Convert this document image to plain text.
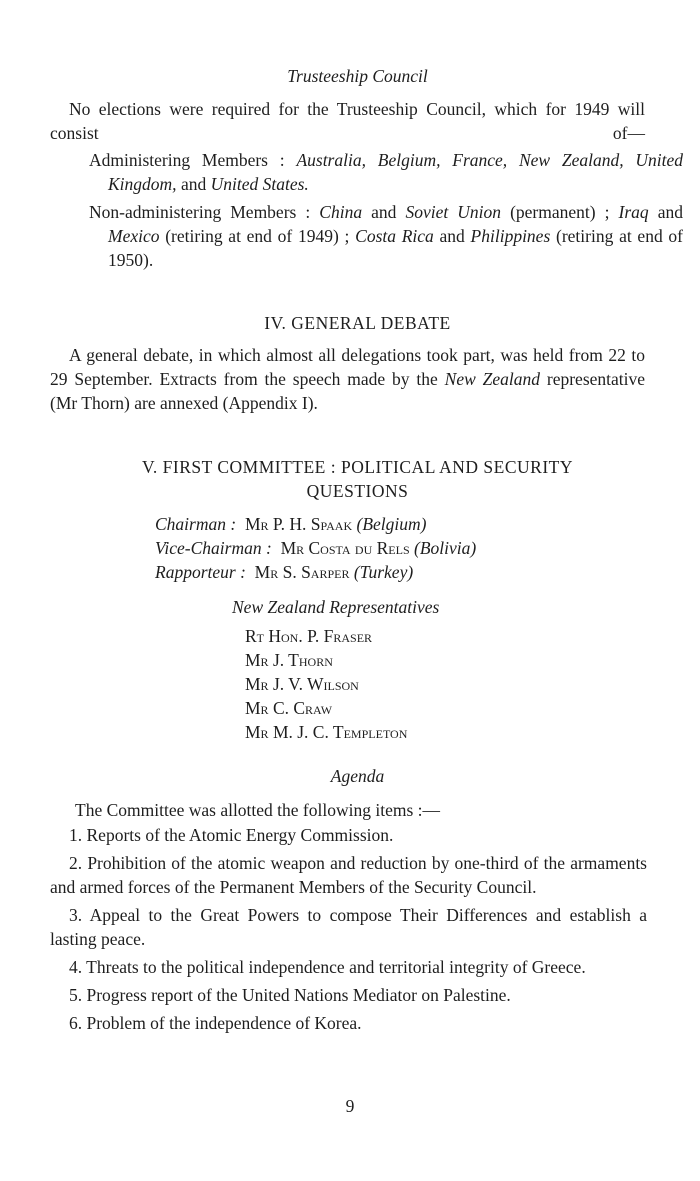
Trusteeship Council

No elections were required for the Trusteeship Council, which for 1949 will consist of—

Administering Members : Australia, Belgium, France, New Zealand, United Kingdom, and United States.

Non-administering Members : China and Soviet Union (permanent) ; Iraq and Mexico (retiring at end of 1949) ; Costa Rica and Philippines (retiring at end of 1950).

IV. GENERAL DEBATE

A general debate, in which almost all delegations took part, was held from 22 to 29 September. Extracts from the speech made by the New Zealand representative (Mr Thorn) are annexed (Appendix I).

V. FIRST COMMITTEE : POLITICAL AND SECURITY
QUESTIONS

Chairman : Mr P. H. Spaak (Belgium)

Vice-Chairman : Mr Costa du Rels (Bolivia)

Rapporteur : Mr S. Sarper (Turkey)

New Zealand Representatives

Rt Hon. P. Fraser

Mr J. Thorn

Mr J. V. Wilson

Mr C. Craw

Mr M. J. C. Templeton

Agenda

The Committee was allotted the following items :—

1. Reports of the Atomic Energy Commission.

2. Prohibition of the atomic weapon and reduction by one-third of the armaments and armed forces of the Permanent Members of the Security Council.

3. Appeal to the Great Powers to compose Their Differences and establish a lasting peace.

4. Threats to the political independence and territorial integrity of Greece.

5. Progress report of the United Nations Mediator on Palestine.

6. Problem of the independence of Korea.

9
